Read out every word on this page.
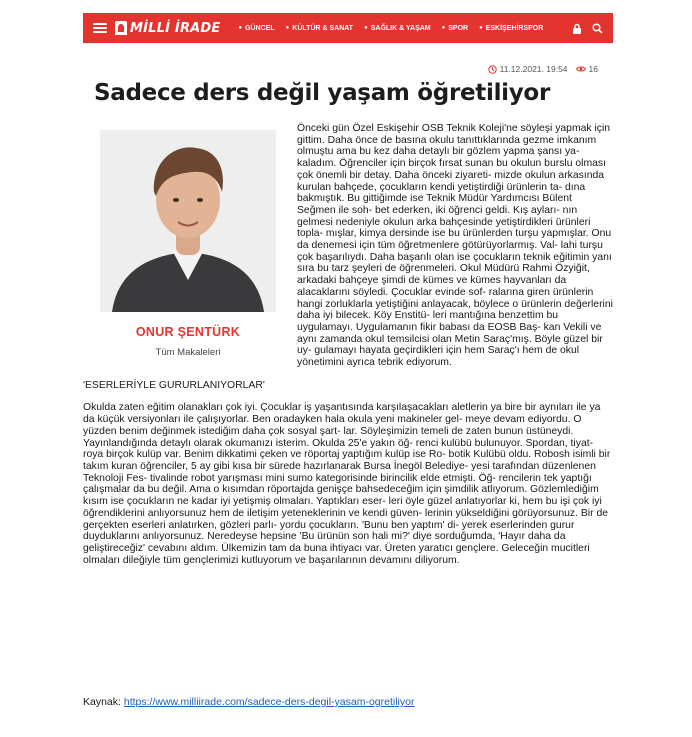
MİLLİ İRADE	● GÜNCEL ● KÜLTÜR & SANAT ● SAĞLIK & YAŞAM ● SPOR ● ESKİŞEHİRSPOR
11.12.2021. 19:54 16
Sadece ders değil yaşam öğretiliyor
ONUR ŞENTÜRK
Tüm Makaleleri

Önceki gün Özel Eskişehir OSB Teknik Koleji'ne söyleşi yapmak için gittim. Daha önce de basına okulu tanıttıklarında gezme imkanım olmuştu ama bu kez daha detaylı bir gözlem yapma şansı ya- kaladım. Öğrenciler için birçok fırsat sunan bu okulun burslu olması çok önemli bir detay. Daha önceki ziyareti- mizde okulun arkasında kurulan bahçede, çocukların kendi yetiştirdiği ürünlerin ta- dına bakmıştık. Bu gittiğimde ise Teknik Müdür Yardımcısı Bülent Seğmen ile soh- bet ederken, iki öğrenci geldi. Kış ayları- nın gelmesi nedeniyle okulun arka bahçesinde yetiştirdikleri ürünleri topla- mışlar, kimya dersinde ise bu ürünlerden turşu yapmışlar. Onu da denemesi için tüm öğretmenlere götürüyorlarmış. Val- lahi turşu çok başarılıydı. Daha başarılı olan ise çocukların teknik eğitimin yanı sıra bu tarz şeyleri de öğrenmeleri. Okul Müdürü Rahmi Özyiğit, arkadaki bahçeye şimdi de kümes ve kümes hayvanları da alacaklarını söyledi. Çocuklar evinde sof- ralarına giren ürünlerin hangi zorluklarla yetiştiğini anlayacak, böylece o ürünlerin değerlerini daha iyi bilecek. Köy Enstitü- leri mantığına benzettim bu uygulamayı. Uygulamanın fikir babası da EOSB Baş- kan Vekili ve aynı zamanda okul temsilcisi olan Metin Saraç'mış. Böyle güzel bir uy- gulamayı hayata geçirdikleri için hem Saraç'ı hem de okul yönetimini ayrıca tebrik ediyorum.

'ESERLERİYLE GURURLANIYORLAR'

Okulda zaten eğitim olanakları çok iyi. Çocuklar iş yaşantısında karşılaşacakları aletlerin ya bire bir aynıları ile ya da küçük versiyonları ile çalışıyorlar. Ben oradayken hala okula yeni makineler gel- meye devam ediyordu. O yüzden benim değinmek istediğim daha çok sosyal şart- lar. Söyleşimizin temeli de zaten bunun üstüneydi. Yayınlandığında detaylı olarak okumanızı isterim. Okulda 25'e yakın öğ- renci kulübü bulunuyor. Spordan, tiyat- roya birçok kulüp var. Benim dikkatimi çeken ve röportaj yaptığım kulüp ise Ro- botik Kulübü oldu. Robosh isimli bir takım kuran öğrenciler, 5 ay gibi kısa bir sürede hazırlanarak Bursa İnegöl Belediye- yesi tarafından düzenlenen Teknoloji Fes- tivalinde robot yarışması mini sumo kategorisinde birincilik elde etmişti. Öğ- rencilerin tek yaptığı çalışmalar da bu değil. Ama o kısımdan röportajda genişçe bahsedeceğim için şimdilik atlıyorum. Gözlemlediğim kısım ise çocukların ne kadar iyi yetişmiş olmaları. Yaptıkları eser- leri öyle güzel anlatıyorlar ki, hem bu işi çok iyi öğrendiklerini anlıyorsunuz hem de iletişim yeteneklerinin ve kendi güven- lerinin yükseldiğini görüyorsunuz. Bir de gerçekten eserleri anlatırken, gözleri parlı- yordu çocukların. 'Bunu ben yaptım' di- yerek eserlerinden gurur duyduklarını anlıyorsunuz. Neredeyse hepsine 'Bu ürünün son hali mi?' diye sorduğumda, 'Hayır daha da geliştireceğiz' cevabını aldım. Ülkemizin tam da buna ihtiyacı var. Üreten yaratıcı gençlere. Geleceğin mucitleri olmaları dileğiyle tüm gençlerimizi kutluyorum ve başarılarının devamını diliyorum.

Kaynak: https://www.milliirade.com/sadece-ders-degil-yasam-ogretiliyor
